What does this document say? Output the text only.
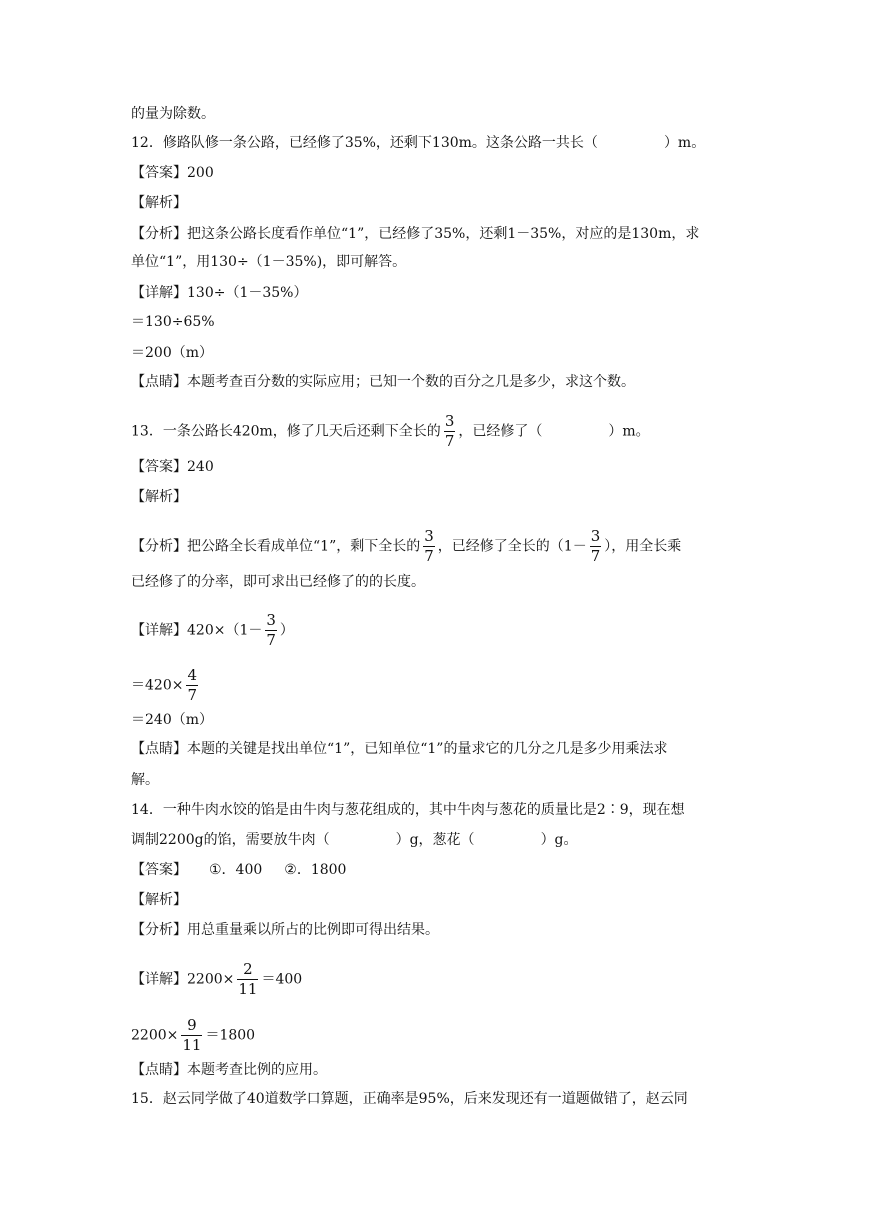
的量为除数。
12．修路队修一条公路，已经修了35%，还剩下130m。这条公路一共长（	）m。
【答案】200
【解析】
【分析】把这条公路长度看作单位“1”，已经修了35%，还剩1－35%，对应的是130m，求
单位“1”，用130÷（1－35%)，即可解答。
【详解】130÷（1－35%）
＝130÷65%
＝200（m）
【点睛】本题考查百分数的实际应用；已知一个数的百分之几是多少，求这个数。
13．一条公路长420m，修了几天后还剩下全长的 $\frac{3}{7}$ ，已经修了（	）m。
【答案】240
【解析】
【分析】把公路全长看成单位“1”，剩下全长的 $\frac{3}{7}$ ，已经修了全长的（$1- \frac{3}{7}$ ），用全长乘
已经修了的分率，即可求出已经修了的的长度。
【详解】$420\times(1- \frac{3}{7}$ ）
$=420\times \frac{4}{7}$
＝240（m）
【点睛】本题的关键是找出单位“1”，已知单位“1”的量求它的几分之几是多少用乘法求
解。
14．一种牛肉水饺的馅是由牛肉与葱花组成的，其中牛肉与葱花的质量比是2∶9，现在想
调制2200g的馅，需要放牛肉（	）g，葱花（	）g。
【答案】 ①．400 ②．1800
【解析】
【分析】用总重量乘以所占的比例即可得出结果。
【详解】$2200\times \frac{2}{11} =400$
$2200\times \frac{9}{11} =1800$
【点睛】本题考查比例的应用。
15．赵云同学做了40道数学口算题，正确率是95%，后来发现还有一道题做错了，赵云同
